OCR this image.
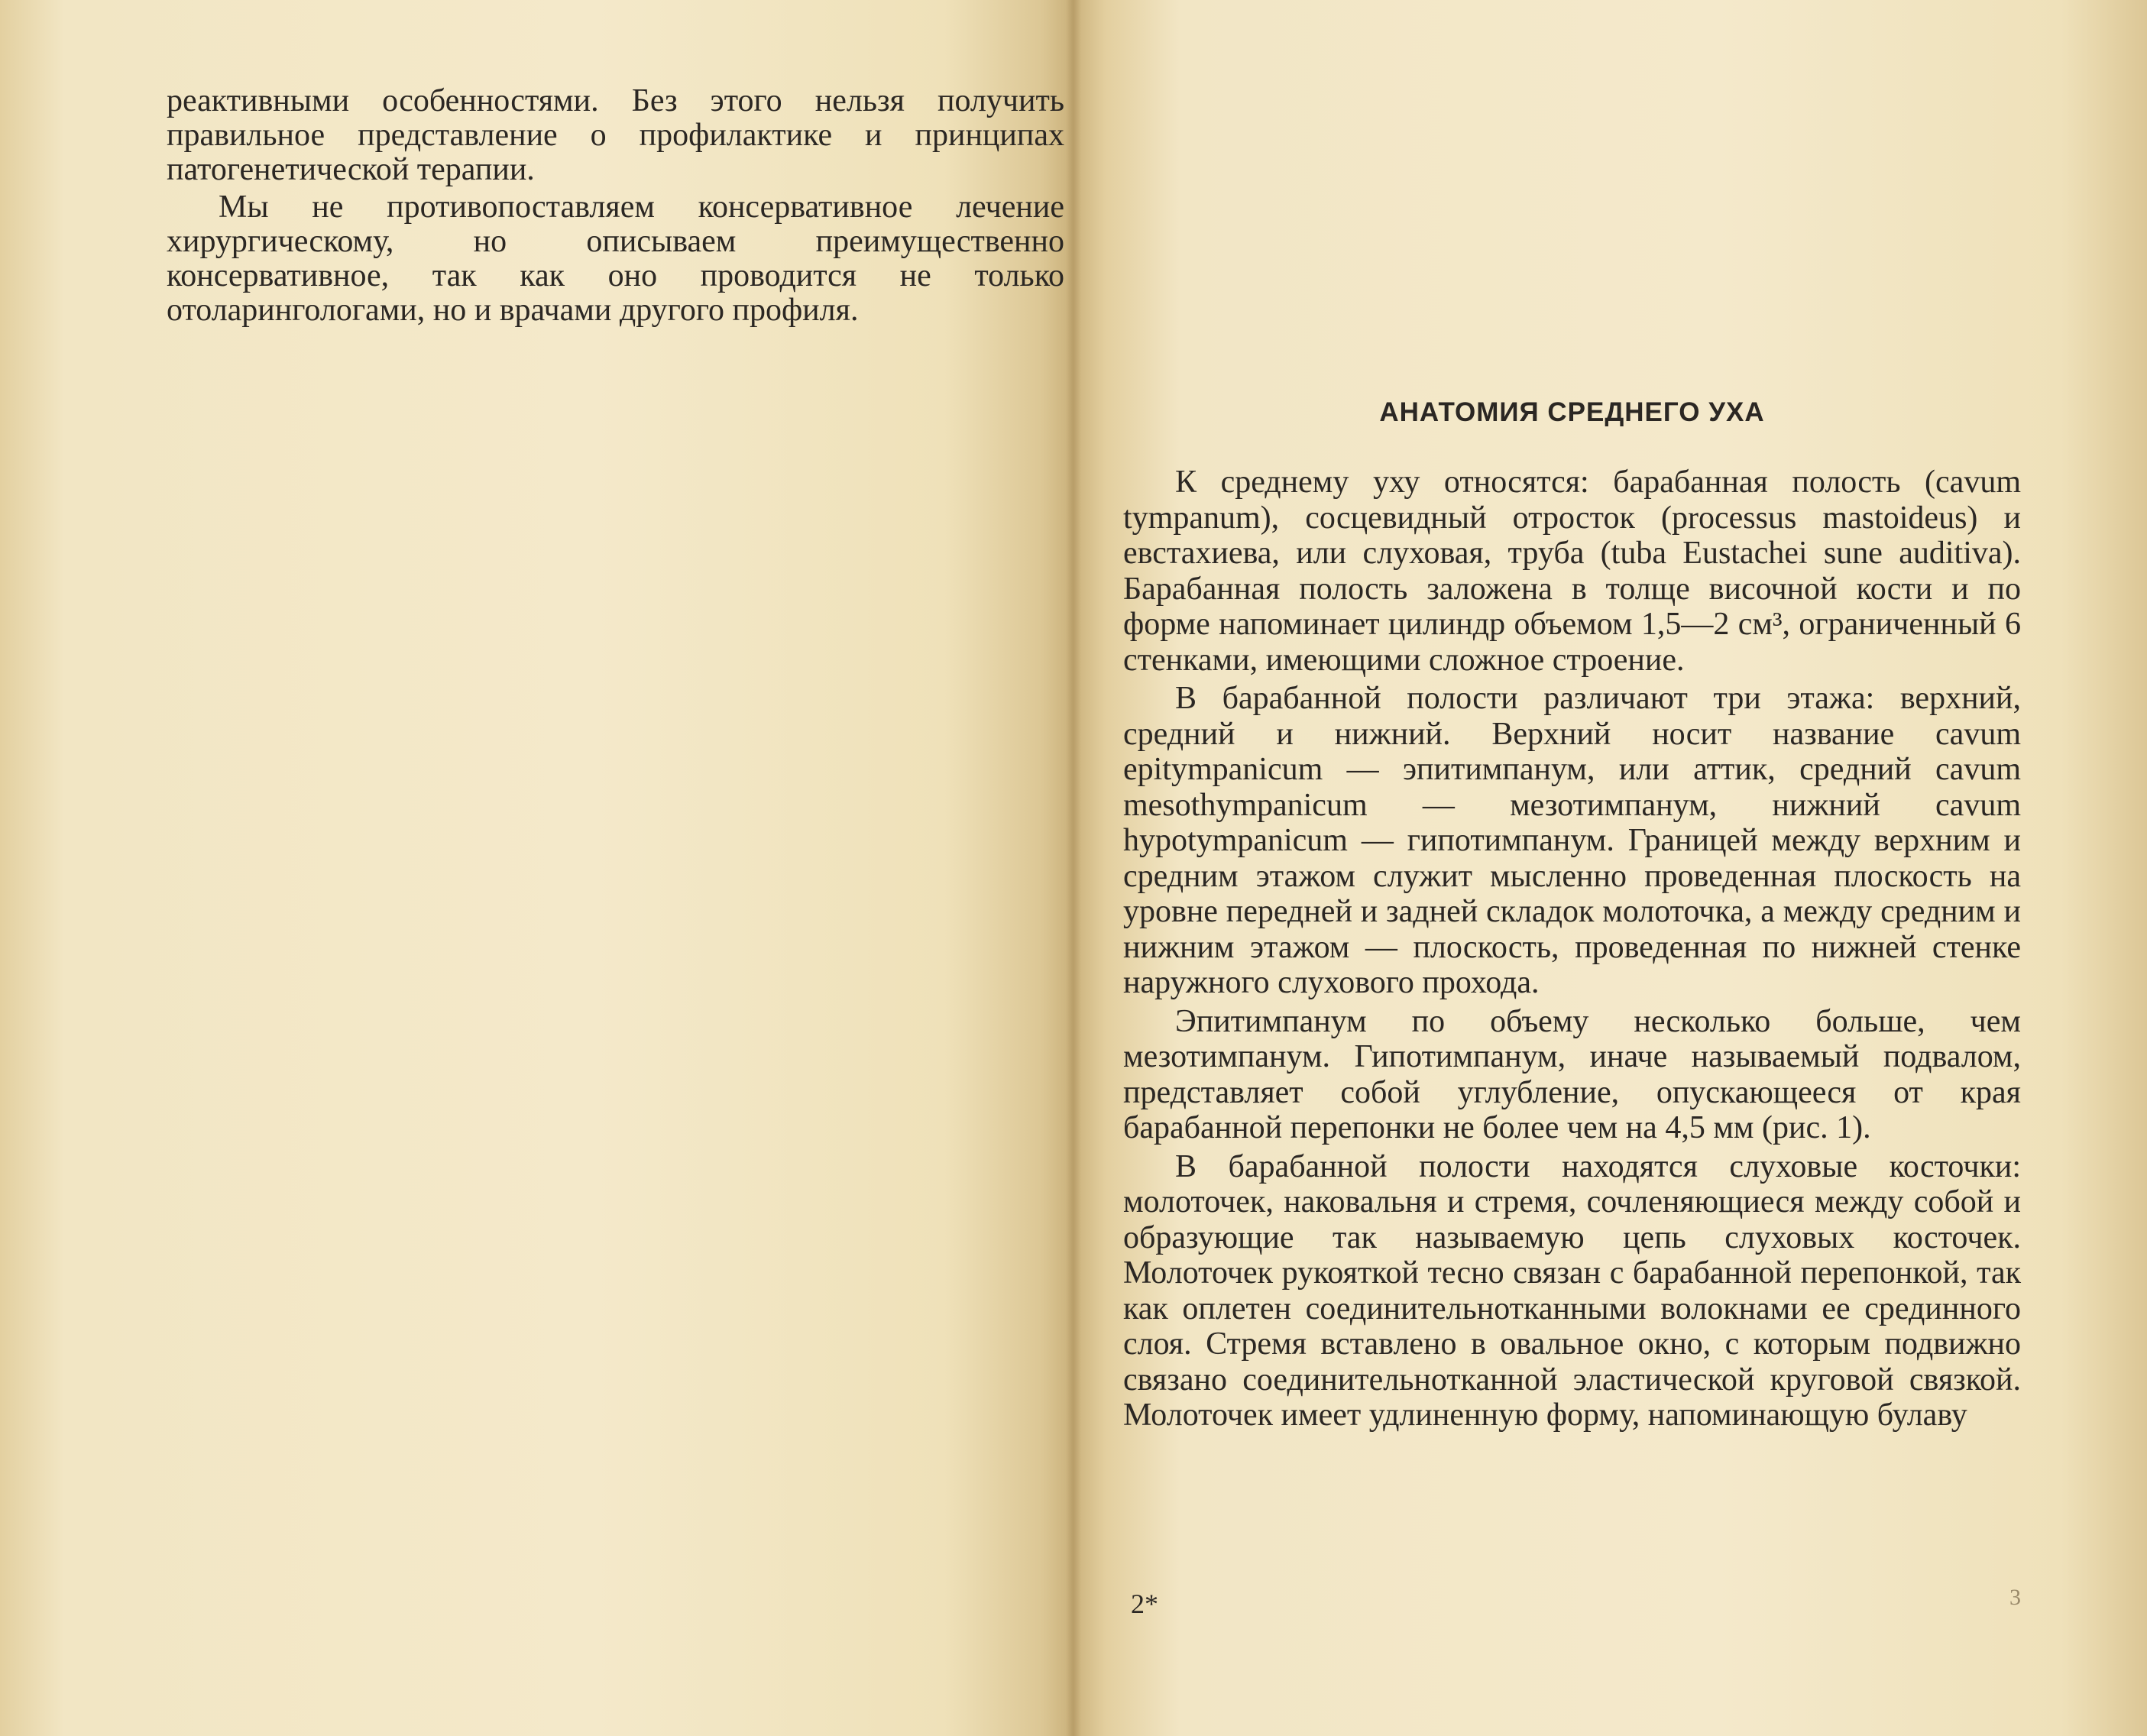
реактивными особенностями. Без этого нельзя получить правильное представление о профилактике и принципах патогенетической терапии.

Мы не противопоставляем консервативное лечение хирургическому, но описываем преимущественно консервативное, так как оно проводится не только отоларингологами, но и врачами другого профиля.

АНАТОМИЯ СРЕДНЕГО УХА

К среднему уху относятся: барабанная полость (cavum tympanum), сосцевидный отросток (processus mastoideus) и евстахиева, или слуховая, труба (tuba Eustachei sune auditiva). Барабанная полость заложена в толще височной кости и по форме напоминает цилиндр объемом 1,5—2 см³, ограниченный 6 стенками, имеющими сложное строение.

В барабанной полости различают три этажа: верхний, средний и нижний. Верхний носит название cavum epitympanicum — эпитимпанум, или аттик, средний cavum mesothympanicum — мезотимпанум, нижний cavum hypotympanicum — гипотимпанум. Границей между верхним и средним этажом служит мысленно проведенная плоскость на уровне передней и задней складок молоточка, а между средним и нижним этажом — плоскость, проведенная по нижней стенке наружного слухового прохода.

Эпитимпанум по объему несколько больше, чем мезотимпанум. Гипотимпанум, иначе называемый подвалом, представляет собой углубление, опускающееся от края барабанной перепонки не более чем на 4,5 мм (рис. 1).

В барабанной полости находятся слуховые косточки: молоточек, наковальня и стремя, сочленяющиеся между собой и образующие так называемую цепь слуховых косточек. Молоточек рукояткой тесно связан с барабанной перепонкой, так как оплетен соединительнотканными волокнами ее срединного слоя. Стремя вставлено в овальное окно, с которым подвижно связано соединительнотканной эластической круговой связкой. Молоточек имеет удлиненную форму, напоминающую булаву

2*	3
